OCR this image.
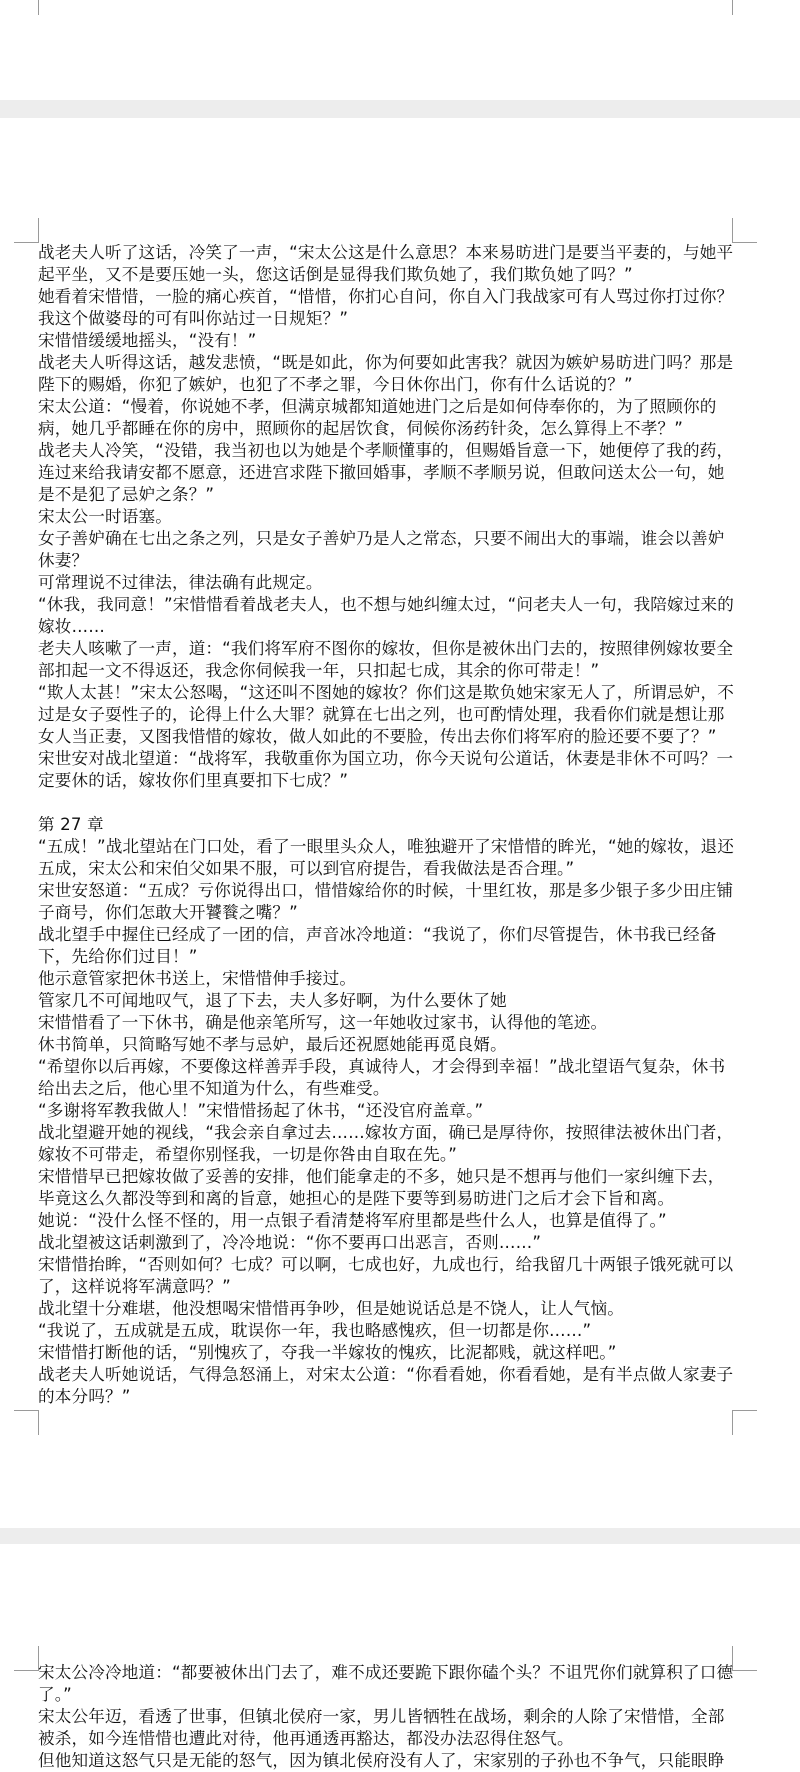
战老夫人听了这话，冷笑了一声，“宋太公这是什么意思？本来易昉进门是要当平妻的，与她平起平坐，又不是要压她一头，您这话倒是显得我们欺负她了，我们欺负她了吗？”

她看着宋惜惜，一脸的痛心疾首，“惜惜，你扪心自问，你自入门我战家可有人骂过你打过你？我这个做婆母的可有叫你站过一日规矩？”

宋惜惜缓缓地摇头，“没有！”

战老夫人听得这话，越发悲愤，“既是如此，你为何要如此害我？就因为嫉妒易昉进门吗？那是陛下的赐婚，你犯了嫉妒，也犯了不孝之罪，今日休你出门，你有什么话说的？”

宋太公道：“慢着，你说她不孝，但满京城都知道她进门之后是如何侍奉你的，为了照顾你的病，她几乎都睡在你的房中，照顾你的起居饮食，伺候你汤药针灸，怎么算得上不孝？”

战老夫人冷笑，“没错，我当初也以为她是个孝顺懂事的，但赐婚旨意一下，她便停了我的药，连过来给我请安都不愿意，还进宫求陛下撤回婚事，孝顺不孝顺另说，但敢问送太公一句，她是不是犯了忌妒之条？”

宋太公一时语塞。

女子善妒确在七出之条之列，只是女子善妒乃是人之常态，只要不闹出大的事端，谁会以善妒休妻？

可常理说不过律法，律法确有此规定。

“休我，我同意！”宋惜惜看着战老夫人，也不想与她纠缠太过，“问老夫人一句，我陪嫁过来的嫁妆……

老夫人咳嗽了一声，道：“我们将军府不图你的嫁妆，但你是被休出门去的，按照律例嫁妆要全部扣起一文不得返还，我念你伺候我一年，只扣起七成，其余的你可带走！”

“欺人太甚！”宋太公怒喝，“这还叫不图她的嫁妆？你们这是欺负她宋家无人了，所谓忌妒，不过是女子耍性子的，论得上什么大罪？就算在七出之列，也可酌情处理，我看你们就是想让那女人当正妻，又图我惜惜的嫁妆，做人如此的不要脸，传出去你们将军府的脸还要不要了？”

宋世安对战北望道：“战将军，我敬重你为国立功，你今天说句公道话，休妻是非休不可吗？一定要休的话，嫁妆你们里真要扣下七成？”

第 27 章

“五成！”战北望站在门口处，看了一眼里头众人，唯独避开了宋惜惜的眸光，“她的嫁妆，退还五成，宋太公和宋伯父如果不服，可以到官府提告，看我做法是否合理。”

宋世安怒道：“五成？亏你说得出口，惜惜嫁给你的时候，十里红妆，那是多少银子多少田庄铺子商号，你们怎敢大开饕餮之嘴？”

战北望手中握住已经成了一团的信，声音冰冷地道：“我说了，你们尽管提告，休书我已经备下，先给你们过目！”

他示意管家把休书送上，宋惜惜伸手接过。

管家几不可闻地叹气，退了下去，夫人多好啊，为什么要休了她

宋惜惜看了一下休书，确是他亲笔所写，这一年她收过家书，认得他的笔迹。

休书简单，只简略写她不孝与忌妒，最后还祝愿她能再觅良婿。

“希望你以后再嫁，不要像这样善弄手段，真诚待人，才会得到幸福！”战北望语气复杂，休书给出去之后，他心里不知道为什么，有些难受。

“多谢将军教我做人！”宋惜惜扬起了休书，“还没官府盖章。”

战北望避开她的视线，“我会亲自拿过去……嫁妆方面，确已是厚待你，按照律法被休出门者，嫁妆不可带走，希望你别怪我，一切是你咎由自取在先。”

宋惜惜早已把嫁妆做了妥善的安排，他们能拿走的不多，她只是不想再与他们一家纠缠下去，毕竟这么久都没等到和离的旨意，她担心的是陛下要等到易昉进门之后才会下旨和离。

她说：“没什么怪不怪的，用一点银子看清楚将军府里都是些什么人，也算是值得了。”

战北望被这话刺激到了，冷冷地说：“你不要再口出恶言，否则……”

宋惜惜抬眸，“否则如何？七成？可以啊，七成也好，九成也行，给我留几十两银子饿死就可以了，这样说将军满意吗？”

战北望十分难堪，他没想喝宋惜惜再争吵，但是她说话总是不饶人，让人气恼。

“我说了，五成就是五成，耽误你一年，我也略感愧疚，但一切都是你……”

宋惜惜打断他的话，“别愧疚了，夺我一半嫁妆的愧疚，比泥都贱，就这样吧。”

战老夫人听她说话，气得急怒涌上，对宋太公道：“你看看她，你看看她，是有半点做人家妻子的本分吗？”

宋太公冷冷地道：“都要被休出门去了，难不成还要跪下跟你磕个头？不诅咒你们就算积了口德了。”

宋太公年迈，看透了世事，但镇北侯府一家，男儿皆牺牲在战场，剩余的人除了宋惜惜，全部被杀，如今连惜惜也遭此对待，他再通透再豁达，都没办法忍得住怒气。

但他知道这怒气只是无能的怒气，因为镇北侯府没有人了，宋家别的子孙也不争气，只能眼睁
